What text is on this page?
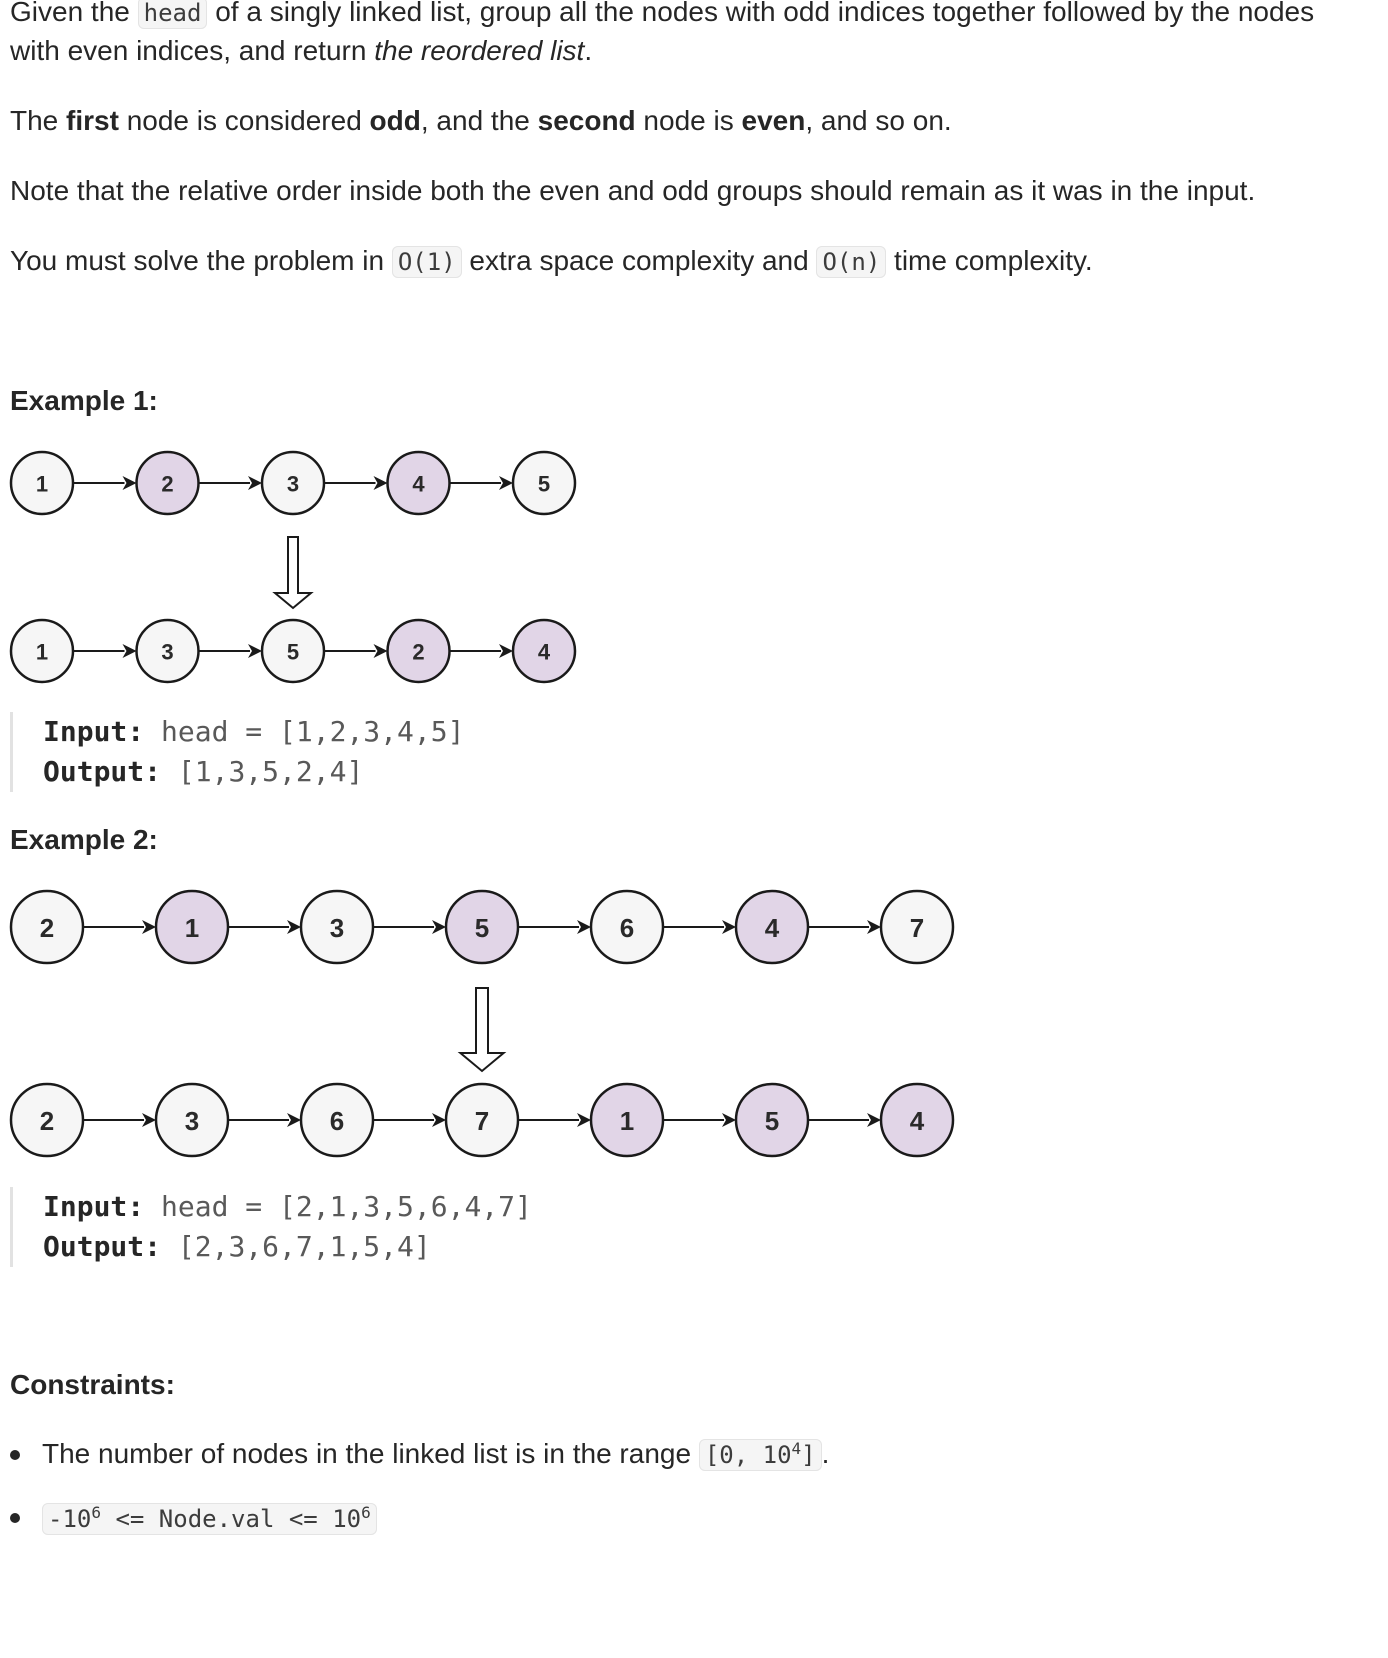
Given the head of a singly linked list, group all the nodes with odd indices together followed by the nodes
with even indices, and return the reordered list.
The first node is considered odd, and the second node is even, and so on.
Note that the relative order inside both the even and odd groups should remain as it was in the input.
You must solve the problem in O(1) extra space complexity and O(n) time complexity.
Example 1:
1	2	3	4	5
1	3	5	2	4
Input: head = [1,2,3,4,5]
Output: [1,3,5,2,4]
Example 2:
2	1	3	5	6	4	7
2	3	6	7	1	5	4
Input: head = [2,1,3,5,6,4,7]
Output: [2,3,6,7,1,5,4]
Constraints:
The number of nodes in the linked list is in the range [0, $10^4$] .
$-10^6$ <= Node.val <= $10^6$
